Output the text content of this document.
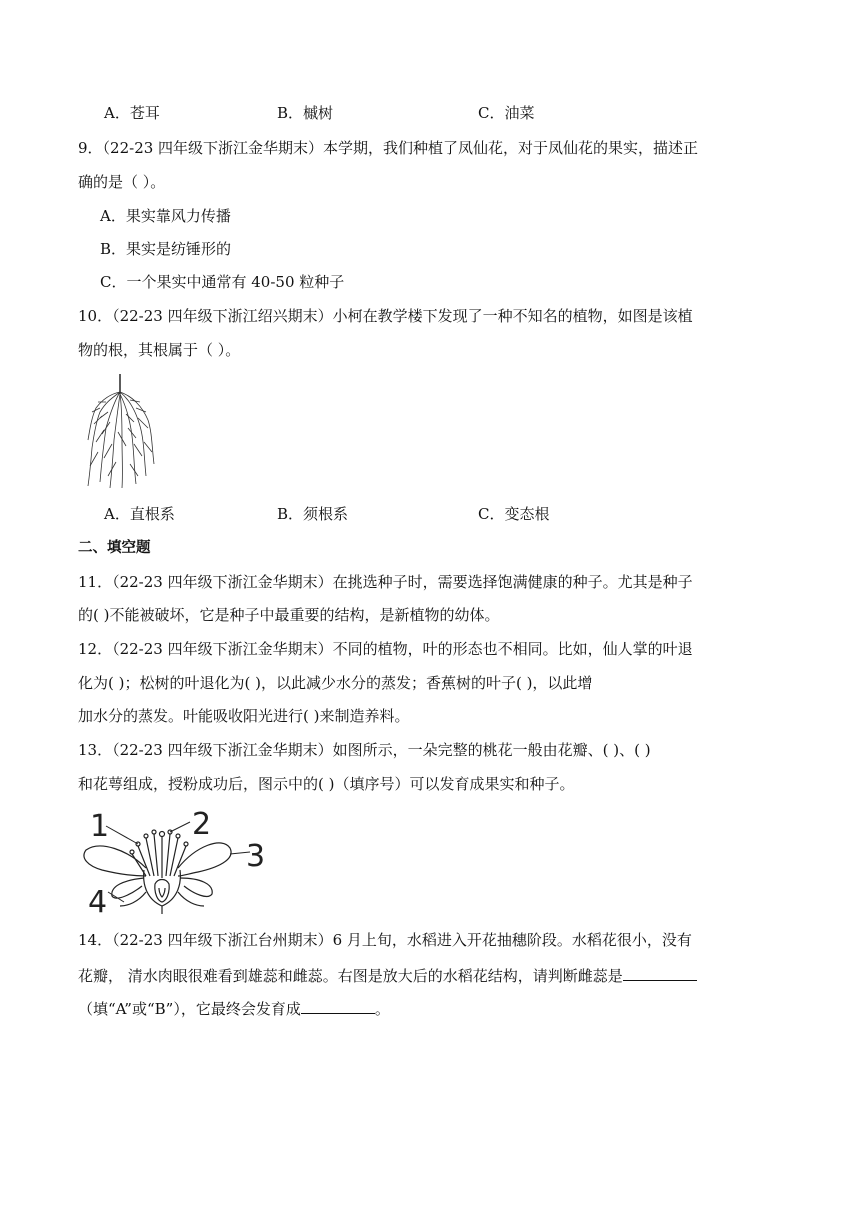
A．苍耳	B．槭树	C．油菜
9．（22-23 四年级下浙江金华期末）本学期，我们种植了凤仙花，对于凤仙花的果实，描述正
确的是（ ）。
A．果实靠风力传播
B．果实是纺锤形的
C．一个果实中通常有 40-50 粒种子
10．（22-23 四年级下浙江绍兴期末）小柯在教学楼下发现了一种不知名的植物，如图是该植
物的根，其根属于（ ）。
A．直根系	B．须根系	C．变态根
二、填空题
11．（22-23 四年级下浙江金华期末）在挑选种子时，需要选择饱满健康的种子。尤其是种子
的( )不能被破坏，它是种子中最重要的结构，是新植物的幼体。
12．（22-23 四年级下浙江金华期末）不同的植物，叶的形态也不相同。比如，仙人掌的叶退
化为( )；松树的叶退化为( )，以此减少水分的蒸发；香蕉树的叶子( )，以此增
加水分的蒸发。叶能吸收阳光进行( )来制造养料。
13．（22-23 四年级下浙江金华期末）如图所示，一朵完整的桃花一般由花瓣、( )、( )
和花萼组成，授粉成功后，图示中的( )（填序号）可以发育成果实和种子。
1	2
3
4
14．（22-23 四年级下浙江台州期末）6 月上旬，水稻进入开花抽穗阶段。水稻花很小，没有
花瓣， 清水肉眼很难看到雄蕊和雌蕊。右图是放大后的水稻花结构，请判断雌蕊是
（填“A”或“B”），它最终会发育成	。
